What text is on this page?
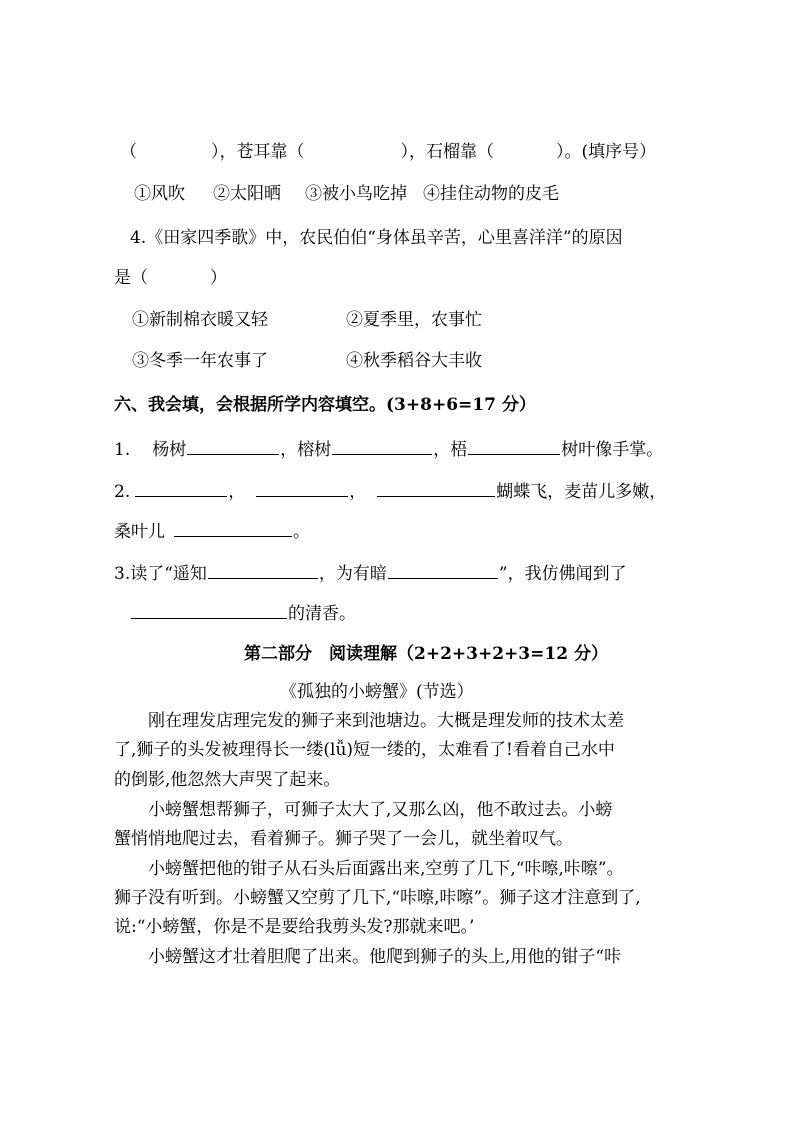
（	），苍耳靠（	），石榴靠（	）。(填序号）
①风吹 ②太阳晒 ③被小鸟吃掉 ④挂住动物的皮毛
4.《田家四季歌》中，农民伯伯“身体虽辛苦，心里喜洋洋”的原因
是（	）
①新制棉衣暖又轻	②夏季里，农事忙
③冬季一年农事了	④秋季稻谷大丰收
六、我会填，会根据所学内容填空。(3+8+6=17 分）
1. 杨树	，榕树	，梧	树叶像手掌。
2.	，	，	蝴蝶飞，麦苗儿多嫩，
桑叶儿	。
3.读了“遥知	，为有暗	”，我仿佛闻到了
的清香。
第二部分　阅读理解（2+2+3+2+3=12 分）
《孤独的小螃蟹》(节选）
刚在理发店理完发的狮子来到池塘边。大概是理发师的技术太差
了,狮子的头发被理得长一缕(lǚ)短一缕的，太难看了!看着自己水中
的倒影,他忽然大声哭了起来。
小螃蟹想帮狮子，可狮子太大了,又那么凶，他不敢过去。小螃
蟹悄悄地爬过去，看着狮子。狮子哭了一会儿，就坐着叹气。
小螃蟹把他的钳子从石头后面露出来,空剪了几下,“咔嚓,咔嚓”。
狮子没有听到。小螃蟹又空剪了几下,“咔嚓,咔嚓”。狮子这才注意到了,
说:“小螃蟹，你是不是要给我剪头发?那就来吧。’
小螃蟹这才壮着胆爬了出来。他爬到狮子的头上,用他的钳子“咔
